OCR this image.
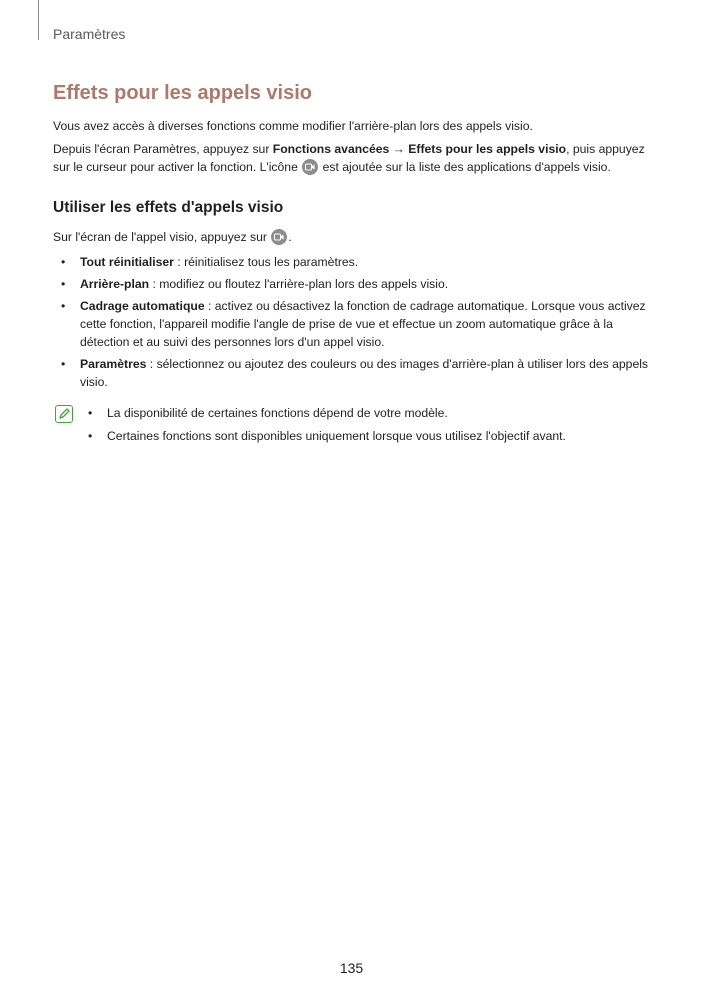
Paramètres
Effets pour les appels visio

Vous avez accès à diverses fonctions comme modifier l'arrière-plan lors des appels visio.

Depuis l'écran Paramètres, appuyez sur Fonctions avancées → Effets pour les appels visio, puis appuyez sur le curseur pour activer la fonction. L'icône
est ajoutée sur la liste des applications d'appels visio.

Utiliser les effets d'appels visio

Sur l'écran de l'appel visio, appuyez sur
.

• Tout réinitialiser : réinitialisez tous les paramètres.
• Arrière-plan : modifiez ou floutez l'arrière-plan lors des appels visio.
• Cadrage automatique : activez ou désactivez la fonction de cadrage automatique. Lorsque vous activez cette fonction, l'appareil modifie l'angle de prise de vue et effectue un zoom automatique grâce à la détection et au suivi des personnes lors d'un appel visio.
• Paramètres : sélectionnez ou ajoutez des couleurs ou des images d'arrière-plan à utiliser lors des appels visio.
• La disponibilité de certaines fonctions dépend de votre modèle.
• Certaines fonctions sont disponibles uniquement lorsque vous utilisez l'objectif avant.
135
